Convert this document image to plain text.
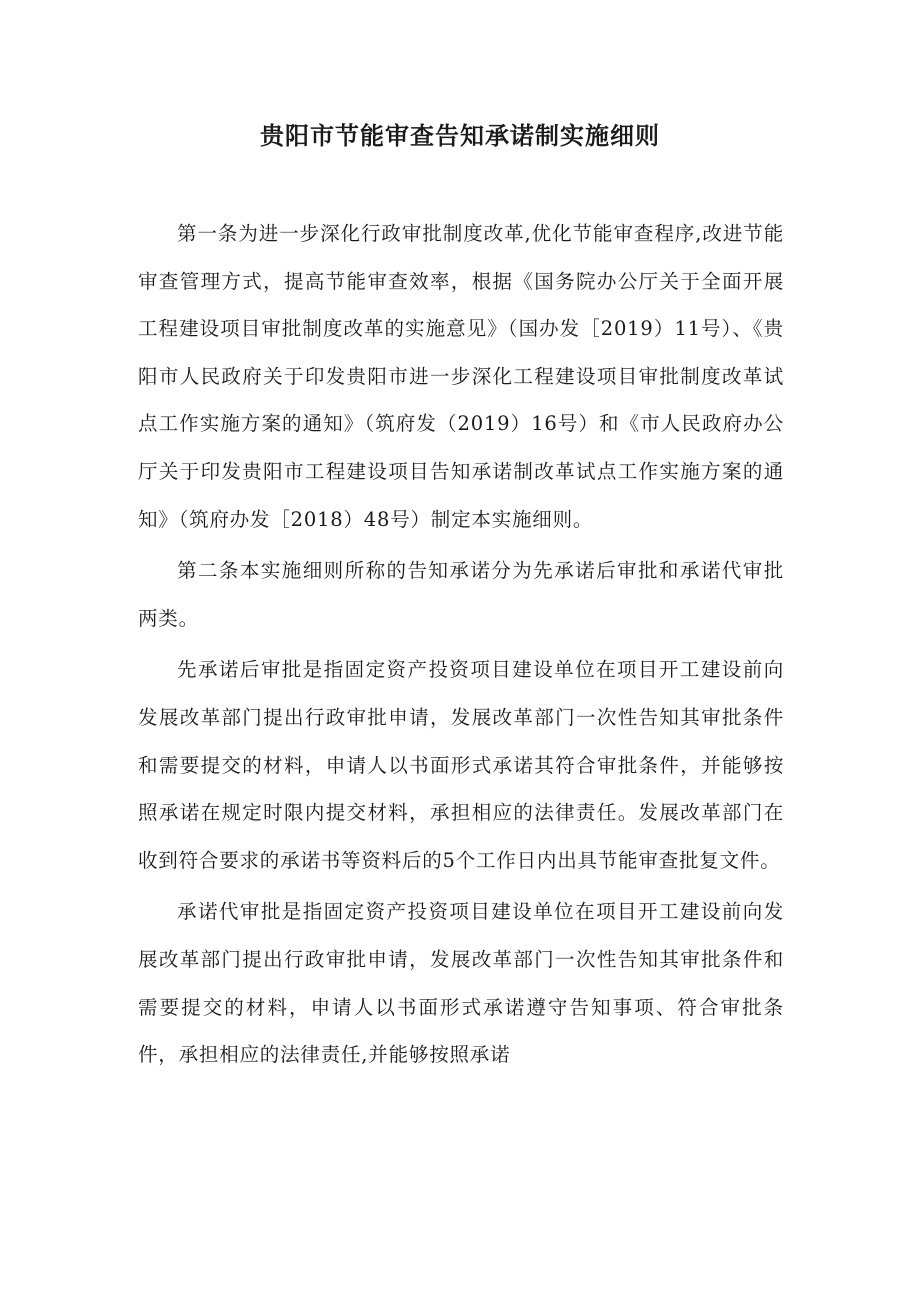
贵阳市节能审查告知承诺制实施细则

第一条为进一步深化行政审批制度改革,优化节能审查程序,改进节能审查管理方式，提高节能审查效率，根据《国务院办公厅关于全面开展工程建设项目审批制度改革的实施意见》（国办发［2019）11号）、《贵阳市人民政府关于印发贵阳市进一步深化工程建设项目审批制度改革试点工作实施方案的通知》（筑府发（2019）16号）和《市人民政府办公厅关于印发贵阳市工程建设项目告知承诺制改革试点工作实施方案的通知》（筑府办发［2018）48号）制定本实施细则。

第二条本实施细则所称的告知承诺分为先承诺后审批和承诺代审批两类。

先承诺后审批是指固定资产投资项目建设单位在项目开工建设前向发展改革部门提出行政审批申请，发展改革部门一次性告知其审批条件和需要提交的材料，申请人以书面形式承诺其符合审批条件，并能够按照承诺在规定时限内提交材料，承担相应的法律责任。发展改革部门在收到符合要求的承诺书等资料后的5个工作日内出具节能审查批复文件。

承诺代审批是指固定资产投资项目建设单位在项目开工建设前向发展改革部门提出行政审批申请，发展改革部门一次性告知其审批条件和需要提交的材料，申请人以书面形式承诺遵守告知事项、符合审批条件，承担相应的法律责任,并能够按照承诺
